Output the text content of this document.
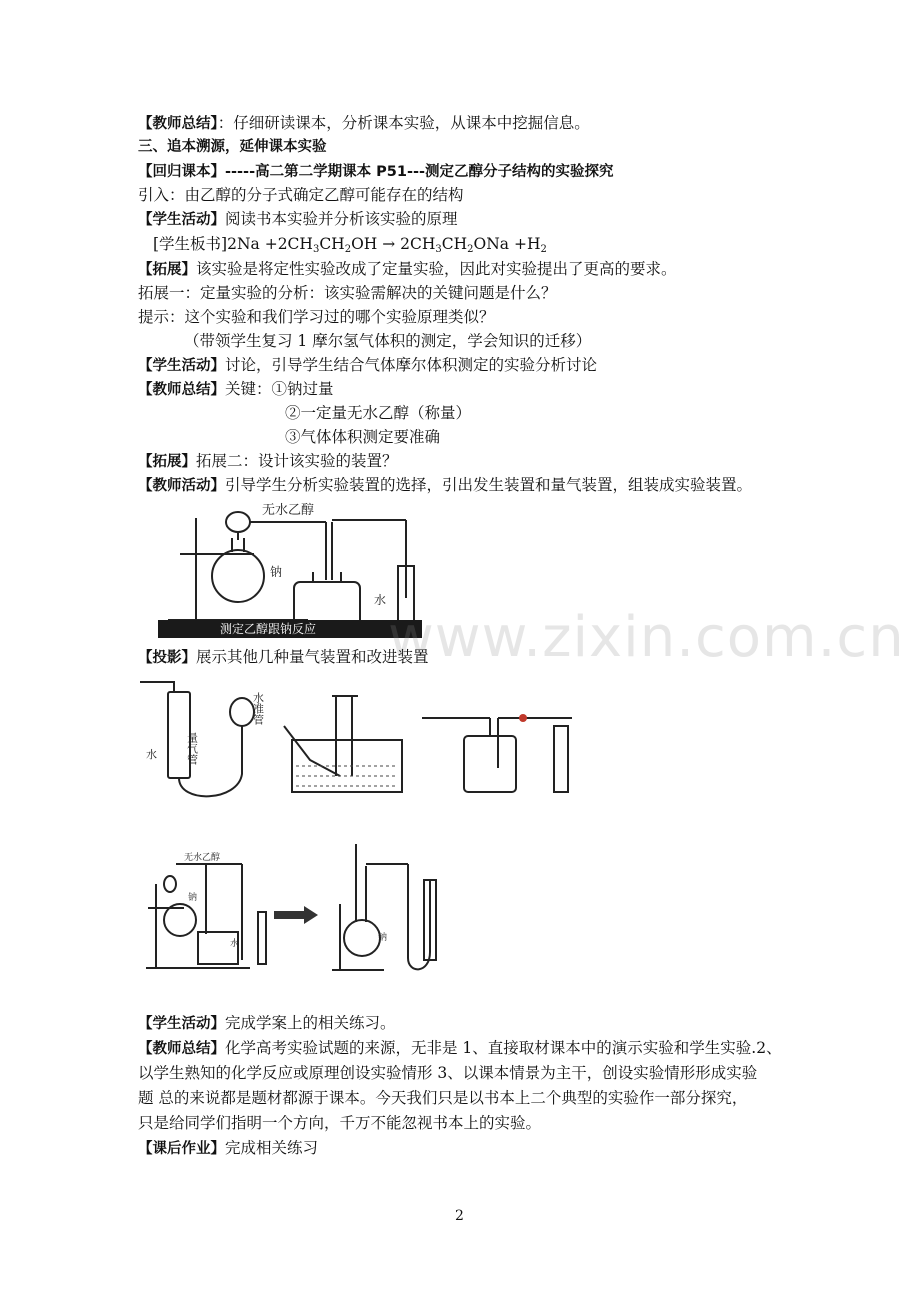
【教师总结】：仔细研读课本，分析课本实验，从课本中挖掘信息。
三、追本溯源，延伸课本实验
【回归课本】-----高二第二学期课本 P51---测定乙醇分子结构的实验探究
引入：由乙醇的分子式确定乙醇可能存在的结构
【学生活动】阅读书本实验并分析该实验的原理
[学生板书]$2Na +2CH_3CH_2OH \to 2CH_3CH_2ONa +H_2$
【拓展】该实验是将定性实验改成了定量实验，因此对实验提出了更高的要求。
拓展一：定量实验的分析：该实验需解决的关键问题是什么？
提示：这个实验和我们学习过的哪个实验原理类似？
（带领学生复习 1 摩尔氢气体积的测定，学会知识的迁移）
【学生活动】讨论，引导学生结合气体摩尔体积测定的实验分析讨论
【教师总结】关键：①钠过量
②一定量无水乙醇（称量）
③气体体积测定要准确
【拓展】拓展二：设计该实验的装置？
【教师活动】引导学生分析实验装置的选择，引出发生装置和量气装置，组装成实验装置。
无水乙醇
钠
水
测定乙醇跟钠反应 www.zixin.com.cn
【投影】展示其他几种量气装置和改进装置
量气管
水
水准管
无水乙醇
钠
水
钠
【学生活动】完成学案上的相关练习。
【教师总结】化学高考实验试题的来源，无非是 1、直接取材课本中的演示实验和学生实验.2、
以学生熟知的化学反应或原理创设实验情形 3、以课本情景为主干，创设实验情形形成实验
题 总的来说都是题材都源于课本。今天我们只是以书本上二个典型的实验作一部分探究，
只是给同学们指明一个方向，千万不能忽视书本上的实验。
【课后作业】完成相关练习
2
